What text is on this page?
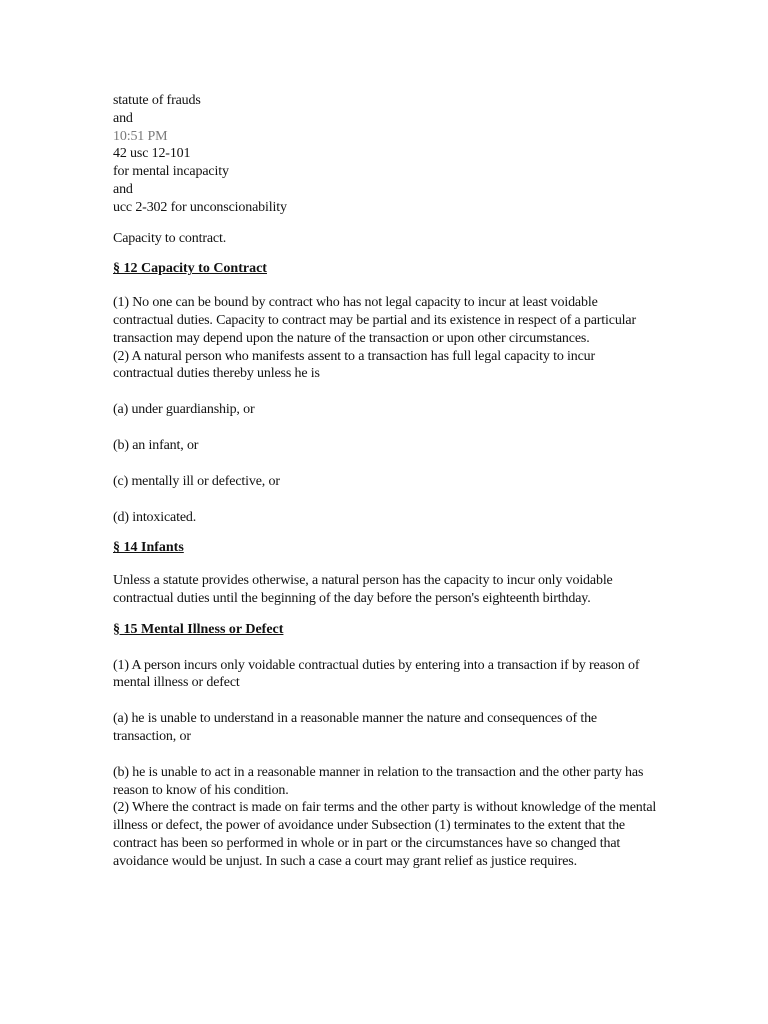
statute of frauds
and
10:51 PM
42 usc 12-101
for mental incapacity
and
ucc 2-302 for unconscionability

Capacity to contract.

§ 12 Capacity to Contract

(1) No one can be bound by contract who has not legal capacity to incur at least voidable contractual duties. Capacity to contract may be partial and its existence in respect of a particular transaction may depend upon the nature of the transaction or upon other circumstances.

(2) A natural person who manifests assent to a transaction has full legal capacity to incur contractual duties thereby unless he is

(a) under guardianship, or

(b) an infant, or

(c) mentally ill or defective, or

(d) intoxicated.

§ 14 Infants

Unless a statute provides otherwise, a natural person has the capacity to incur only voidable contractual duties until the beginning of the day before the person's eighteenth birthday.

§ 15 Mental Illness or Defect

(1) A person incurs only voidable contractual duties by entering into a transaction if by reason of mental illness or defect

(a) he is unable to understand in a reasonable manner the nature and consequences of the transaction, or

(b) he is unable to act in a reasonable manner in relation to the transaction and the other party has reason to know of his condition.

(2) Where the contract is made on fair terms and the other party is without knowledge of the mental illness or defect, the power of avoidance under Subsection (1) terminates to the extent that the contract has been so performed in whole or in part or the circumstances have so changed that avoidance would be unjust. In such a case a court may grant relief as justice requires.
